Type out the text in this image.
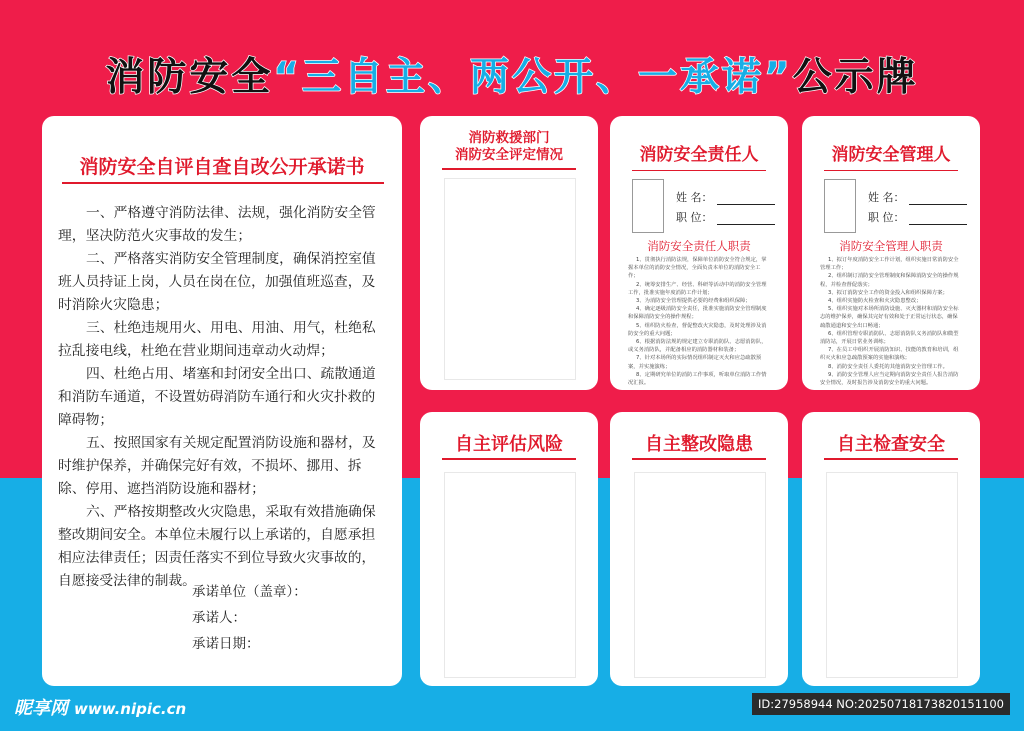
消防安全“三自主、两公开、一承诺”公示牌
消防安全自评自查自改公开承诺书

一、严格遵守消防法律、法规，强化消防安全管理，坚决防范火灾事故的发生；

二、严格落实消防安全管理制度，确保消控室值班人员持证上岗，人员在岗在位，加强值班巡查，及时消除火灾隐患；

三、杜绝违规用火、用电、用油、用气，杜绝私拉乱接电线，杜绝在营业期间违章动火动焊；

四、杜绝占用、堵塞和封闭安全出口、疏散通道和消防车通道，不设置妨碍消防车通行和火灾扑救的障碍物；

五、按照国家有关规定配置消防设施和器材，及时维护保养，并确保完好有效，不损坏、挪用、拆除、停用、遮挡消防设施和器材；

六、严格按期整改火灾隐患，采取有效措施确保整改期间安全。本单位未履行以上承诺的，自愿承担相应法律责任；因责任落实不到位导致火灾事故的，自愿接受法律的制裁。

承诺单位（盖章）：
承诺人：
承诺日期：
消防救援部门
消防安全评定情况	消防安全责任人
姓 名：
职 位：
消防安全责任人职责

1、贯彻执行消防法规，保障单位消防安全符合规定，掌握本单位的消防安全情况，全面负责本单位的消防安全工作；

2、统筹安排生产、经营、科研等活动中的消防安全管理工作，批准实施年度消防工作计划；

3、为消防安全管理提供必要的经费和组织保障；

4、确定逐级消防安全责任，批准实施消防安全管理制度和保障消防安全的操作规程；

5、组织防火检查，督促整改火灾隐患，及时处理涉及消防安全的重大问题；

6、根据消防法规的规定建立专职消防队、志愿消防队，或义务消防队，并配备相应的消防器材和装备；

7、针对本场所的实际情况组织制定灭火和应急疏散预案，并实施演练；

8、定期研究单位的消防工作事项，听取单位消防工作情况汇报。

消防安全管理人
姓 名：
职 位：
消防安全管理人职责

1、拟订年度消防安全工作计划，组织实施日常消防安全管理工作；

2、组织制订消防安全管理制度和保障消防安全的操作规程，并检查督促落实；

3、拟订消防安全工作的资金投入和组织保障方案；

4、组织实施防火检查和火灾隐患整改；

5、组织实施对本场所消防设施、灭火器材和消防安全标志的维护保养，确保其完好有效和处于正常运行状态，确保疏散通道和安全出口畅通；

6、组织管理专职消防队、志愿消防队义务消防队和微型消防站，开展日常业务训练；

7、在员工中组织开展消防知识、技能的教育和培训，组织灭火和应急疏散预案的实施和演练；

8、消防安全责任人委托的其他消防安全管理工作。

9、消防安全管理人应当定期向消防安全责任人报告消防安全情况，及时报告涉及消防安全的重大问题。

自主评估风险	自主整改隐患	自主检查安全
昵享网 www.nipic.cn	ID:27958944 NO:20250718173820151100
